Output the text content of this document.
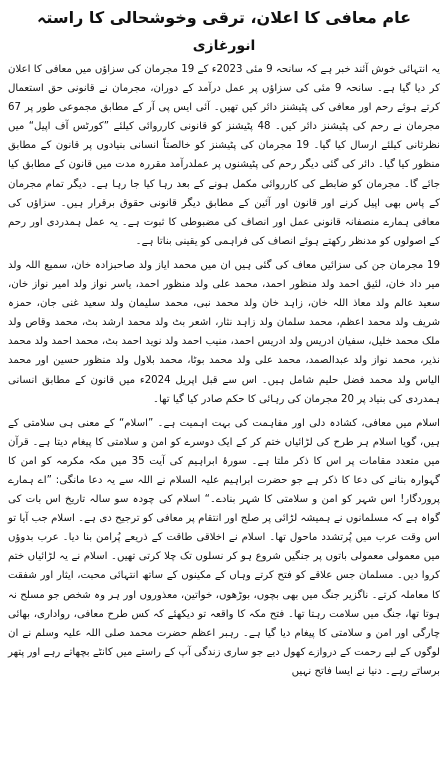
عام معافی کا اعلان، ترقی وخوشحالی کا راستہ
انورغازی

یہ انتہائی خوش آئند خبر ہے کہ سانحہ 9 مئی 2023ء کے 19 مجرمان کی سزاؤں میں معافی کا اعلان کر دیا گیا ہے۔ سانحہ 9 مئی کی سزاؤں پر عمل درآمد کے دوران، مجرمان نے قانونی حق استعمال کرتے ہوئے رحم اور معافی کی پٹیشنز دائر کیں تھیں۔ آئی ایس پی آر کے مطابق مجموعی طور پر 67 مجرمان نے رحم کی پٹیشنز دائر کیں۔ 48 پٹیشنز کو قانونی کارروائی کیلئے ”کورٹس آف اپیل“ میں نظرثانی کیلئے ارسال کیا گیا۔ 19 مجرمان کی پٹیشنز کو خالصتاً انسانی بنیادوں پر قانون کے مطابق منظور کیا گیا۔ دائر کی گئی دیگر رحم کی پٹیشنوں پر عملدرآمد مقررہ مدت میں قانون کے مطابق کیا جائے گا۔ مجرمان کو ضابطے کی کارروائی مکمل ہونے کے بعد رہا کیا جا رہا ہے۔ دیگر تمام مجرمان کے پاس بھی اپیل کرنے اور قانون اور آئین کے مطابق دیگر قانونی حقوق برقرار ہیں۔ سزاؤں کی معافی ہمارے منصفانہ قانونی عمل اور انصاف کی مضبوطی کا ثبوت ہے۔ یہ عمل ہمدردی اور رحم کے اصولوں کو مدنظر رکھتے ہوئے انصاف کی فراہمی کو یقینی بناتا ہے۔

19 مجرمان جن کی سزائیں معاف کی گئی ہیں ان میں محمد ایاز ولد صاحبزادہ خان، سمیع اللہ ولد میر داد خان، لئیق احمد ولد منظور احمد، محمد علی ولد منظور احمد، یاسر نواز ولد امیر نواز خان، سعید عالم ولد معاذ اللہ خان، زاہد خان ولد محمد نبی، محمد سلیمان ولد سعید غنی جان، حمزہ شریف ولد محمد اعظم، محمد سلمان ولد زاہد نثار، اشعر بٹ ولد محمد ارشد بٹ، محمد وقاص ولد ملک محمد خلیل، سفیان ادریس ولد ادریس احمد، منیب احمد ولد نوید احمد بٹ، محمد احمد ولد محمد نذیر، محمد نواز ولد عبدالصمد، محمد علی ولد محمد بوٹا، محمد بلاول ولد منظور حسین اور محمد الیاس ولد محمد فضل حلیم شامل ہیں۔ اس سے قبل اپریل 2024ء میں قانون کے مطابق انسانی ہمدردی کی بنیاد پر 20 مجرمان کی رہائی کا حکم صادر کیا گیا تھا۔

اسلام میں معافی، کشادہ دلی اور مفاہمت کی بہت اہمیت ہے۔ ”اسلام“ کے معنی ہی سلامتی کے ہیں، گویا اسلام ہر طرح کی لڑائیاں ختم کر کے ایک دوسرے کو امن و سلامتی کا پیغام دیتا ہے۔ قرآن میں متعدد مقامات پر اس کا ذکر ملتا ہے۔ سورۂ ابراہیم کی آیت 35 میں مکہ مکرمہ کو امن کا گہوارہ بنانے کی دعا کا ذکر ہے جو حضرت ابراہیم علیہ السلام نے اللہ سے یہ دعا مانگی: ”اے ہمارے پروردگار! اس شہر کو امن و سلامتی کا شہر بنادے۔“ اسلام کی چودہ سو سالہ تاریخ اس بات کی گواہ ہے کہ مسلمانوں نے ہمیشہ لڑائی پر صلح اور انتقام پر معافی کو ترجیح دی ہے۔ اسلام جب آیا تو اس وقت عرب میں پُرتشدد ماحول تھا۔ اسلام نے اخلاقی طاقت کے ذریعے پُرامن بنا دیا۔ عرب بدوؤں میں معمولی معمولی باتوں پر جنگیں شروع ہو کر نسلوں تک چلا کرتی تھیں۔ اسلام نے یہ لڑائیاں ختم کروا دیں۔ مسلمان جس علاقے کو فتح کرتے وہاں کے مکینوں کے ساتھ انتہائی محبت، ایثار اور شفقت کا معاملہ کرتے۔ ناگزیر جنگ میں بھی بچوں، بوڑھوں، خواتین، معذوروں اور ہر وہ شخص جو مسلح نہ ہوتا تھا، جنگ میں سلامت رہتا تھا۔ فتح مکہ کا واقعہ تو دیکھئے کہ کس طرح معافی، رواداری، بھائی چارگی اور امن و سلامتی کا پیغام دیا گیا ہے۔ رہبر اعظم حضرت محمد صلی اللہ علیہ وسلم نے ان لوگوں کے لیے رحمت کے دروازے کھول دیے جو ساری زندگی آپ کے راستے میں کانٹے بچھاتے رہے اور پتھر برساتے رہے۔ دنیا نے ایسا فاتح نہیں
